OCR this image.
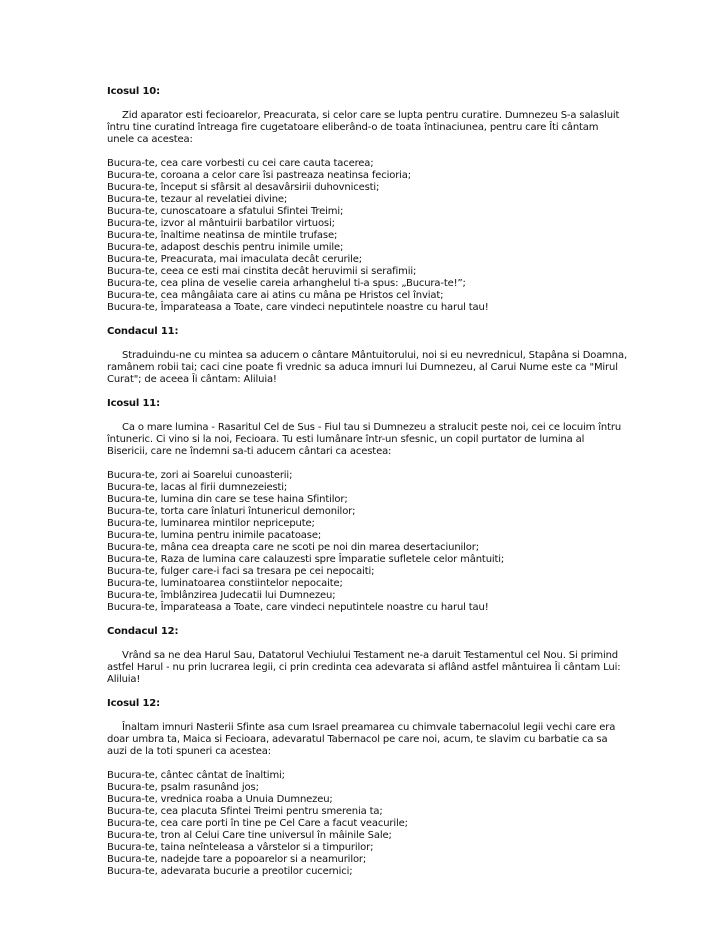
Icosul 10:

Zid aparator esti fecioarelor, Preacurata, si celor care se lupta pentru curatire. Dumnezeu S-a salasluit întru tine curatind întreaga fire cugetatoare eliberând-o de toata întinaciunea, pentru care Îti cântam unele ca acestea:

Bucura-te, cea care vorbesti cu cei care cauta tacerea;
Bucura-te, coroana a celor care îsi pastreaza neatinsa fecioria;
Bucura-te, început si sfârsit al desavârsirii duhovnicesti;
Bucura-te, tezaur al revelatiei divine;
Bucura-te, cunoscatoare a sfatului Sfintei Treimi;
Bucura-te, izvor al mântuirii barbatilor virtuosi;
Bucura-te, înaltime neatinsa de mintile trufase;
Bucura-te, adapost deschis pentru inimile umile;
Bucura-te, Preacurata, mai imaculata decât cerurile;
Bucura-te, ceea ce esti mai cinstita decât heruvimii si serafimii;
Bucura-te, cea plina de veselie careia arhanghelul ti-a spus: „Bucura-te!”;
Bucura-te, cea mângâiata care ai atins cu mâna pe Hristos cel înviat;
Bucura-te, Împarateasa a Toate, care vindeci neputintele noastre cu harul tau!

Condacul 11:

Straduindu-ne cu mintea sa aducem o cântare Mântuitorului, noi si eu nevrednicul, Stapâna si Doamna, ramânem robii tai; caci cine poate fi vrednic sa aduca imnuri lui Dumnezeu, al Carui Nume este ca "Mirul Curat"; de aceea Îi cântam: Aliluia!

Icosul 11:

Ca o mare lumina - Rasaritul Cel de Sus - Fiul tau si Dumnezeu a stralucit peste noi, cei ce locuim întru întuneric. Ci vino si la noi, Fecioara. Tu esti lumânare într-un sfesnic, un copil purtator de lumina al Bisericii, care ne îndemni sa-ti aducem cântari ca acestea:

Bucura-te, zori ai Soarelui cunoasterii;
Bucura-te, lacas al firii dumnezeiesti;
Bucura-te, lumina din care se tese haina Sfintilor;
Bucura-te, torta care înlaturi întunericul demonilor;
Bucura-te, luminarea mintilor nepricepute;
Bucura-te, lumina pentru inimile pacatoase;
Bucura-te, mâna cea dreapta care ne scoti pe noi din marea desertaciunilor;
Bucura-te, Raza de lumina care calauzesti spre Împaratie sufletele celor mântuiti;
Bucura-te, fulger care-i faci sa tresara pe cei nepocaiti;
Bucura-te, luminatoarea constiintelor nepocaite;
Bucura-te, îmblânzirea Judecatii lui Dumnezeu;
Bucura-te, Împarateasa a Toate, care vindeci neputintele noastre cu harul tau!

Condacul 12:

Vrând sa ne dea Harul Sau, Datatorul Vechiului Testament ne-a daruit Testamentul cel Nou. Si primind astfel Harul - nu prin lucrarea legii, ci prin credinta cea adevarata si aflând astfel mântuirea Îi cântam Lui: Aliluia!

Icosul 12:

Înaltam imnuri Nasterii Sfinte asa cum Israel preamarea cu chimvale tabernacolul legii vechi care era doar umbra ta, Maica si Fecioara, adevaratul Tabernacol pe care noi, acum, te slavim cu barbatie ca sa auzi de la toti spuneri ca acestea:

Bucura-te, cântec cântat de înaltimi;
Bucura-te, psalm rasunând jos;
Bucura-te, vrednica roaba a Unuia Dumnezeu;
Bucura-te, cea placuta Sfintei Treimi pentru smerenia ta;
Bucura-te, cea care porti în tine pe Cel Care a facut veacurile;
Bucura-te, tron al Celui Care tine universul în mâinile Sale;
Bucura-te, taina neînteleasa a vârstelor si a timpurilor;
Bucura-te, nadejde tare a popoarelor si a neamurilor;
Bucura-te, adevarata bucurie a preotilor cucernici;
